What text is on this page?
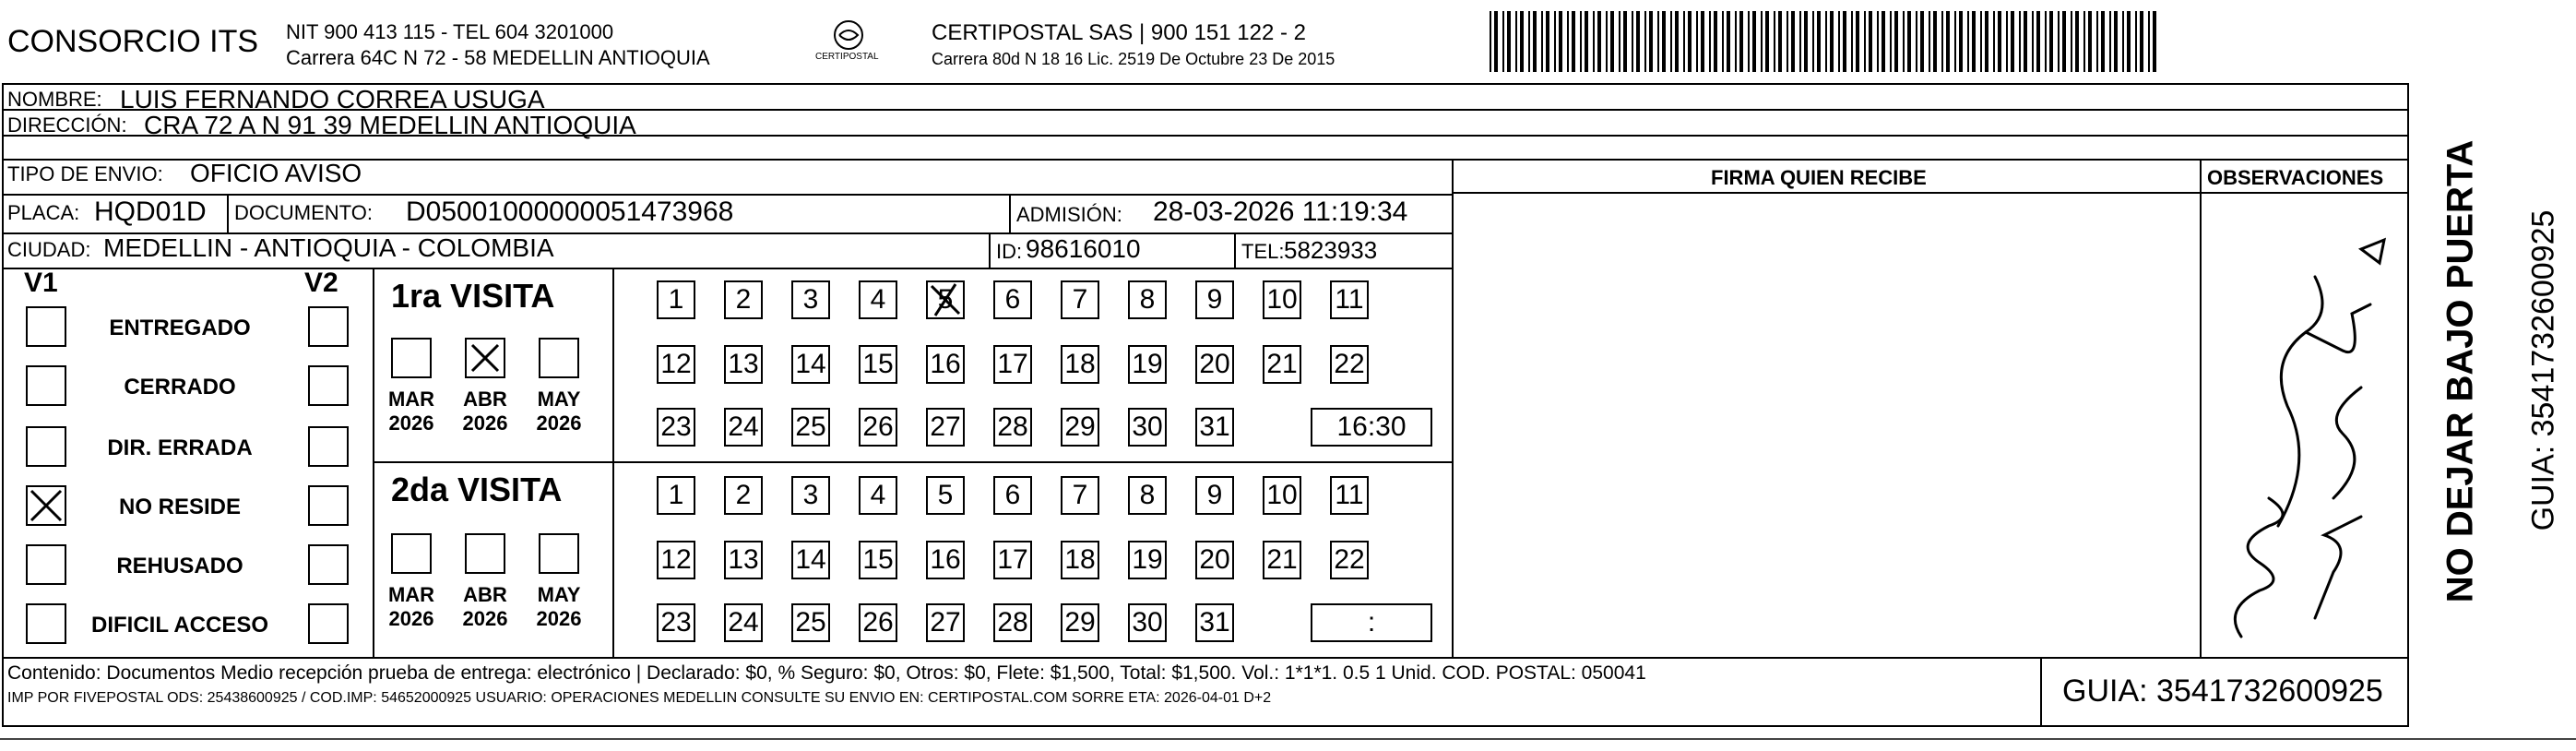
CONSORCIO ITS NIT 900 413 115 - TEL 604 3201000
Carrera 64C N 72 - 58 MEDELLIN ANTIOQUIA	CERTIPOSTAL
CERTIPOSTAL SAS | 900 151 122 - 2
Carrera 80d N 18 16 Lic. 2519 De Octubre 23 De 2015
NOMBRE: LUIS FERNANDO CORREA USUGA
DIRECCIÓN: CRA 72 A N 91 39 MEDELLIN ANTIOQUIA
TIPO DE ENVIO: OFICIO AVISO	FIRMA QUIEN RECIBE	OBSERVACIONES
PLACA: HQD01D DOCUMENTO: D05001000000051473968	ADMISIÓN: 28-03-2026 11:19:34
CIUDAD: MEDELLIN - ANTIOQUIA - COLOMBIA	ID: 98616010	TEL: 5823933
V1	V2
ENTREGADO
CERRADO
DIR. ERRADA
NO RESIDE
REHUSADO
DIFICIL ACCESO
1ra VISITA
2da VISITA
MAR
2026
ABR
2026
MAY
2026
1	2	3	4	5	6	7	8	9	10 11
12 13 14 15 16 17 18 19 20 21 22
23 24 25 26 27 28 29 30 31	16:30
MAR
2026
ABR
2026
MAY
2026
1	2	3	4	5	6	7	8	9	10 11
12 13 14 15 16 17 18 19 20 21 22
23 24 25 26 27 28 29 30 31	:
NO DEJAR BAJO PUERTA GUIA: 3541732600925
Contenido: Documentos Medio recepción prueba de entrega: electrónico | Declarado: $0, % Seguro: $0, Otros: $0, Flete: $1,500, Total: $1,500. Vol.: 1*1*1. 0.5 1 Unid. COD. POSTAL: 050041
IMP POR FIVEPOSTAL ODS: 25438600925 / COD.IMP: 54652000925 USUARIO: OPERACIONES MEDELLIN CONSULTE SU ENVIO EN: CERTIPOSTAL.COM SORRE ETA: 2026-04-01 D+2	GUIA: 3541732600925
